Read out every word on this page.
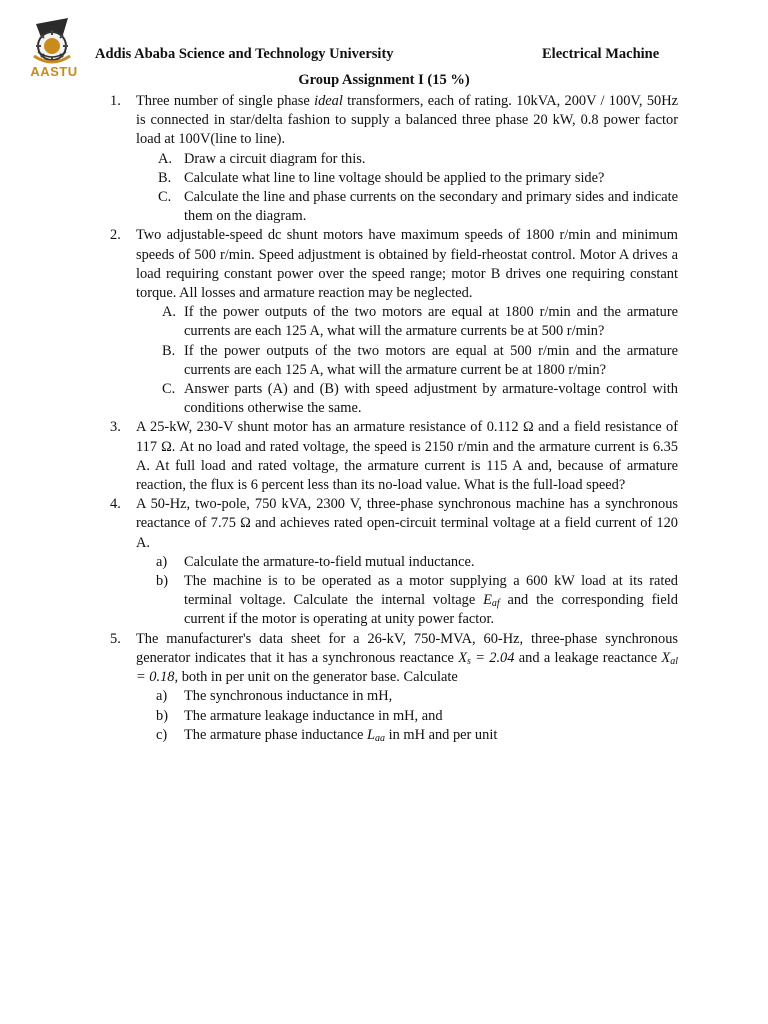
AASTU
Addis Ababa Science and Technology University	Electrical Machine
Group Assignment I (15 %)
1. Three number of single phase ideal transformers, each of rating. 10kVA, 200V / 100V, 50Hz is connected in star/delta fashion to supply a balanced three phase 20 kW, 0.8 power factor load at 100V(line to line).
A. Draw a circuit diagram for this.
B. Calculate what line to line voltage should be applied to the primary side?
C. Calculate the line and phase currents on the secondary and primary sides and indicate them on the diagram.
2. Two adjustable-speed dc shunt motors have maximum speeds of 1800 r/min and minimum speeds of 500 r/min. Speed adjustment is obtained by field-rheostat control. Motor A drives a load requiring constant power over the speed range; motor B drives one requiring constant torque. All losses and armature reaction may be neglected.
A. If the power outputs of the two motors are equal at 1800 r/min and the armature currents are each 125 A, what will the armature currents be at 500 r/min?
B. If the power outputs of the two motors are equal at 500 r/min and the armature currents are each 125 A, what will the armature current be at 1800 r/min?
C. Answer parts (A) and (B) with speed adjustment by armature-voltage control with conditions otherwise the same.
3. A 25-kW, 230-V shunt motor has an armature resistance of 0.112 Ω and a field resistance of 117 Ω. At no load and rated voltage, the speed is 2150 r/min and the armature current is 6.35 A. At full load and rated voltage, the armature current is 115 A and, because of armature reaction, the flux is 6 percent less than its no-load value. What is the full-load speed?
4. A 50-Hz, two-pole, 750 kVA, 2300 V, three-phase synchronous machine has a synchronous reactance of 7.75 Ω and achieves rated open-circuit terminal voltage at a field current of 120 A.
a) Calculate the armature-to-field mutual inductance.
b) The machine is to be operated as a motor supplying a 600 kW load at its rated terminal voltage. Calculate the internal voltage $E_{af}$ and the corresponding field current if the motor is operating at unity power factor.
5. The manufacturer's data sheet for a 26-kV, 750-MVA, 60-Hz, three-phase synchronous generator indicates that it has a synchronous reactance $X_s = 2.04$ and a leakage reactance $X_{al} = 0.18$, both in per unit on the generator base. Calculate
a) The synchronous inductance in mH,
b) The armature leakage inductance in mH, and
c) The armature phase inductance $L_{aa}$ in mH and per unit
